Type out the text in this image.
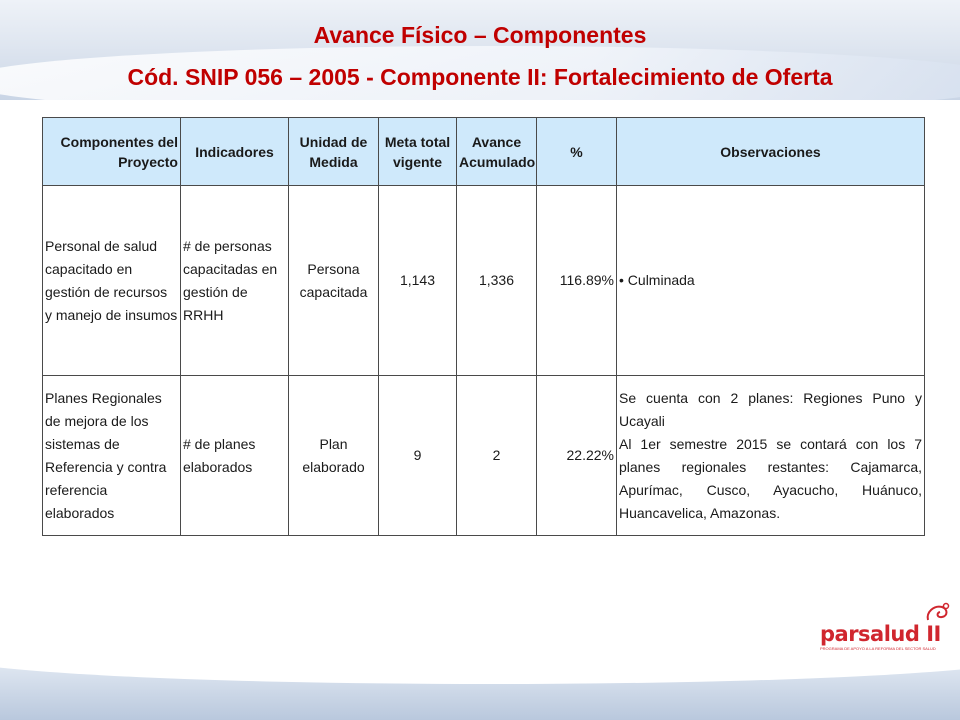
Avance Físico – Componentes
Cód. SNIP 056 – 2005 - Componente II: Fortalecimiento de Oferta
Componentes del Proyecto	Indicadores	Unidad de Medida	Meta total vigente	Avance Acumulado	%	Observaciones
Personal de salud capacitado en gestión de recursos y manejo de insumos	# de personas capacitadas en gestión de RRHH	Persona capacitada	1,143	1,336	116.89%	• Culminada
Planes Regionales de mejora de los sistemas de Referencia y contra referencia elaborados	# de planes elaborados	Plan elaborado	9	2	22.22%	Se cuenta con 2 planes: Regiones Puno y Ucayali
Al 1er semestre 2015 se contará con los 7 planes regionales restantes: Cajamarca, Apurímac, Cusco, Ayacucho, Huánuco, Huancavelica, Amazonas.
parsalud II
PROGRAMA DE APOYO A LA REFORMA DEL SECTOR SALUD
